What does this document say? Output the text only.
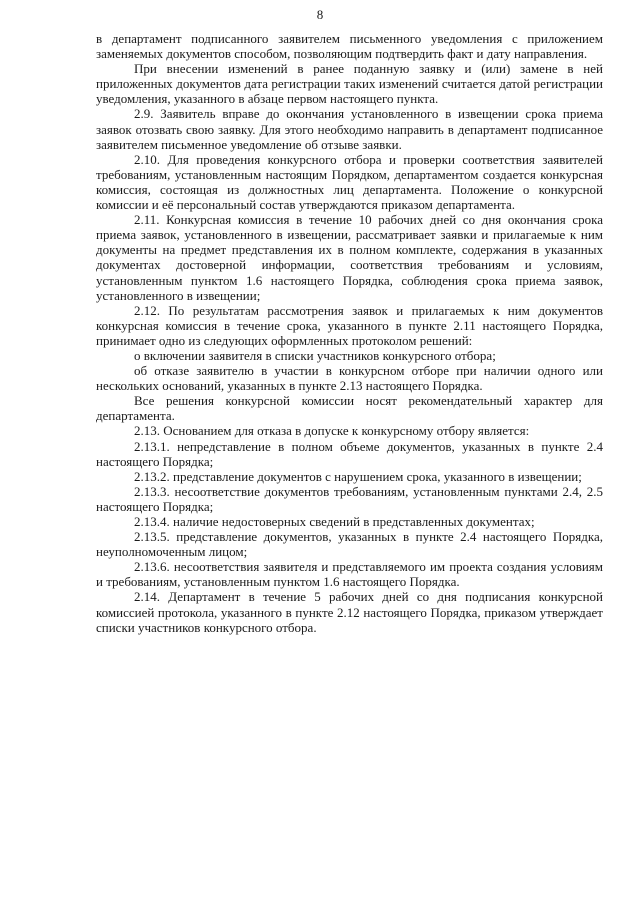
8

в департамент подписанного заявителем письменного уведомления с приложением заменяемых документов способом, позволяющим подтвердить факт и дату направления.

При внесении изменений в ранее поданную заявку и (или) замене в ней приложенных документов дата регистрации таких изменений считается датой регистрации уведомления, указанного в абзаце первом настоящего пункта.

2.9. Заявитель вправе до окончания установленного в извещении срока приема заявок отозвать свою заявку. Для этого необходимо направить в департамент подписанное заявителем письменное уведомление об отзыве заявки.

2.10. Для проведения конкурсного отбора и проверки соответствия заявителей требованиям, установленным настоящим Порядком, департаментом создается конкурсная комиссия, состоящая из должностных лиц департамента. Положение о конкурсной комиссии и её персональный состав утверждаются приказом департамента.

2.11. Конкурсная комиссия в течение 10 рабочих дней со дня окончания срока приема заявок, установленного в извещении, рассматривает заявки и прилагаемые к ним документы на предмет представления их в полном комплекте, содержания в указанных документах достоверной информации, соответствия требованиям и условиям, установленным пунктом 1.6 настоящего Порядка, соблюдения срока приема заявок, установленного в извещении;

2.12. По результатам рассмотрения заявок и прилагаемых к ним документов конкурсная комиссия в течение срока, указанного в пункте 2.11 настоящего Порядка, принимает одно из следующих оформленных протоколом решений:

о включении заявителя в списки участников конкурсного отбора;

об отказе заявителю в участии в конкурсном отборе при наличии одного или нескольких оснований, указанных в пункте 2.13 настоящего Порядка.

Все решения конкурсной комиссии носят рекомендательный характер для департамента.

2.13. Основанием для отказа в допуске к конкурсному отбору является:

2.13.1. непредставление в полном объеме документов, указанных в пункте 2.4 настоящего Порядка;

2.13.2. представление документов с нарушением срока, указанного в извещении;

2.13.3. несоответствие документов требованиям, установленным пунктами 2.4, 2.5 настоящего Порядка;

2.13.4. наличие недостоверных сведений в представленных документах;

2.13.5. представление документов, указанных в пункте 2.4 настоящего Порядка, неуполномоченным лицом;

2.13.6. несоответствия заявителя и представляемого им проекта создания условиям и требованиям, установленным пунктом 1.6 настоящего Порядка.

2.14. Департамент в течение 5 рабочих дней со дня подписания конкурсной комиссией протокола, указанного в пункте 2.12 настоящего Порядка, приказом утверждает списки участников конкурсного отбора.
